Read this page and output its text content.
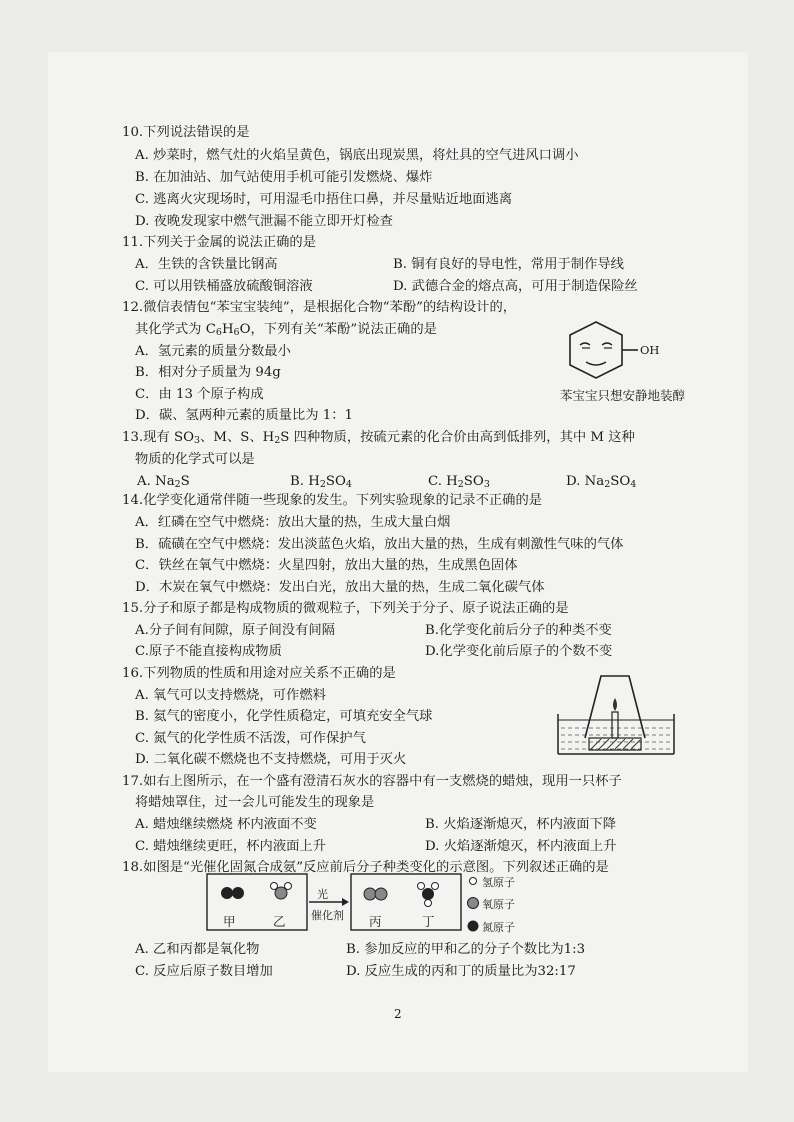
10.下列说法错误的是
A. 炒菜时，燃气灶的火焰呈黄色，锅底出现炭黑，将灶具的空气进风口调小
B. 在加油站、加气站使用手机可能引发燃烧、爆炸
C. 逃离火灾现场时，可用湿毛巾捂住口鼻，并尽量贴近地面逃离
D. 夜晚发现家中燃气泄漏不能立即开灯检查
11.下列关于金属的说法正确的是
A．生铁的含铁量比钢高	B. 铜有良好的导电性，常用于制作导线
C. 可以用铁桶盛放硫酸铜溶液	D. 武德合金的熔点高，可用于制造保险丝
12.微信表情包“苯宝宝装纯”，是根据化合物“苯酚”的结构设计的，
其化学式为 $C_6H_6O$，下列有关“苯酚”说法正确的是
A．氢元素的质量分数最小
B．相对分子质量为 94g
C．由 13 个原子构成
D．碳、氢两种元素的质量比为 1：1
OH
苯宝宝只想安静地装醇
13.现有 $SO_3$、M、S、$H_2S$ 四种物质，按硫元素的化合价由高到低排列，其中 M 这种
物质的化学式可以是
A. $Na_2S$	B. $H_2SO_4$	C. $H_2SO_3$	D. $Na_2SO_4$
14.化学变化通常伴随一些现象的发生。下列实验现象的记录不正确的是
A．红磷在空气中燃烧：放出大量的热，生成大量白烟
B．硫磺在空气中燃烧：发出淡蓝色火焰，放出大量的热，生成有刺激性气味的气体
C．铁丝在氧气中燃烧：火星四射，放出大量的热，生成黑色固体
D．木炭在氧气中燃烧：发出白光，放出大量的热，生成二氧化碳气体
15.分子和原子都是构成物质的微观粒子，下列关于分子、原子说法正确的是
A.分子间有间隙，原子间没有间隔	B.化学变化前后分子的种类不变
C.原子不能直接构成物质	D.化学变化前后原子的个数不变
16.下列物质的性质和用途对应关系不正确的是
A. 氧气可以支持燃烧，可作燃料
B. 氦气的密度小，化学性质稳定，可填充安全气球
C. 氮气的化学性质不活泼，可作保护气
D. 二氧化碳不燃烧也不支持燃烧，可用于灭火
17.如右上图所示，在一个盛有澄清石灰水的容器中有一支燃烧的蜡烛，现用一只杯子
将蜡烛罩住，过一会儿可能发生的现象是
A. 蜡烛继续燃烧 杯内液面不变	B. 火焰逐渐熄灭，杯内液面下降
C. 蜡烛继续更旺，杯内液面上升	D. 火焰逐渐熄灭，杯内液面上升
18.如图是“光催化固氮合成氨”反应前后分子种类变化的示意图。下列叙述正确的是
甲	乙	丙	丁
光
催化剂
氢原子
氧原子
氮原子
A. 乙和丙都是氧化物	B. 参加反应的甲和乙的分子个数比为1:3
C. 反应后原子数目增加	D. 反应生成的丙和丁的质量比为32:17
2
